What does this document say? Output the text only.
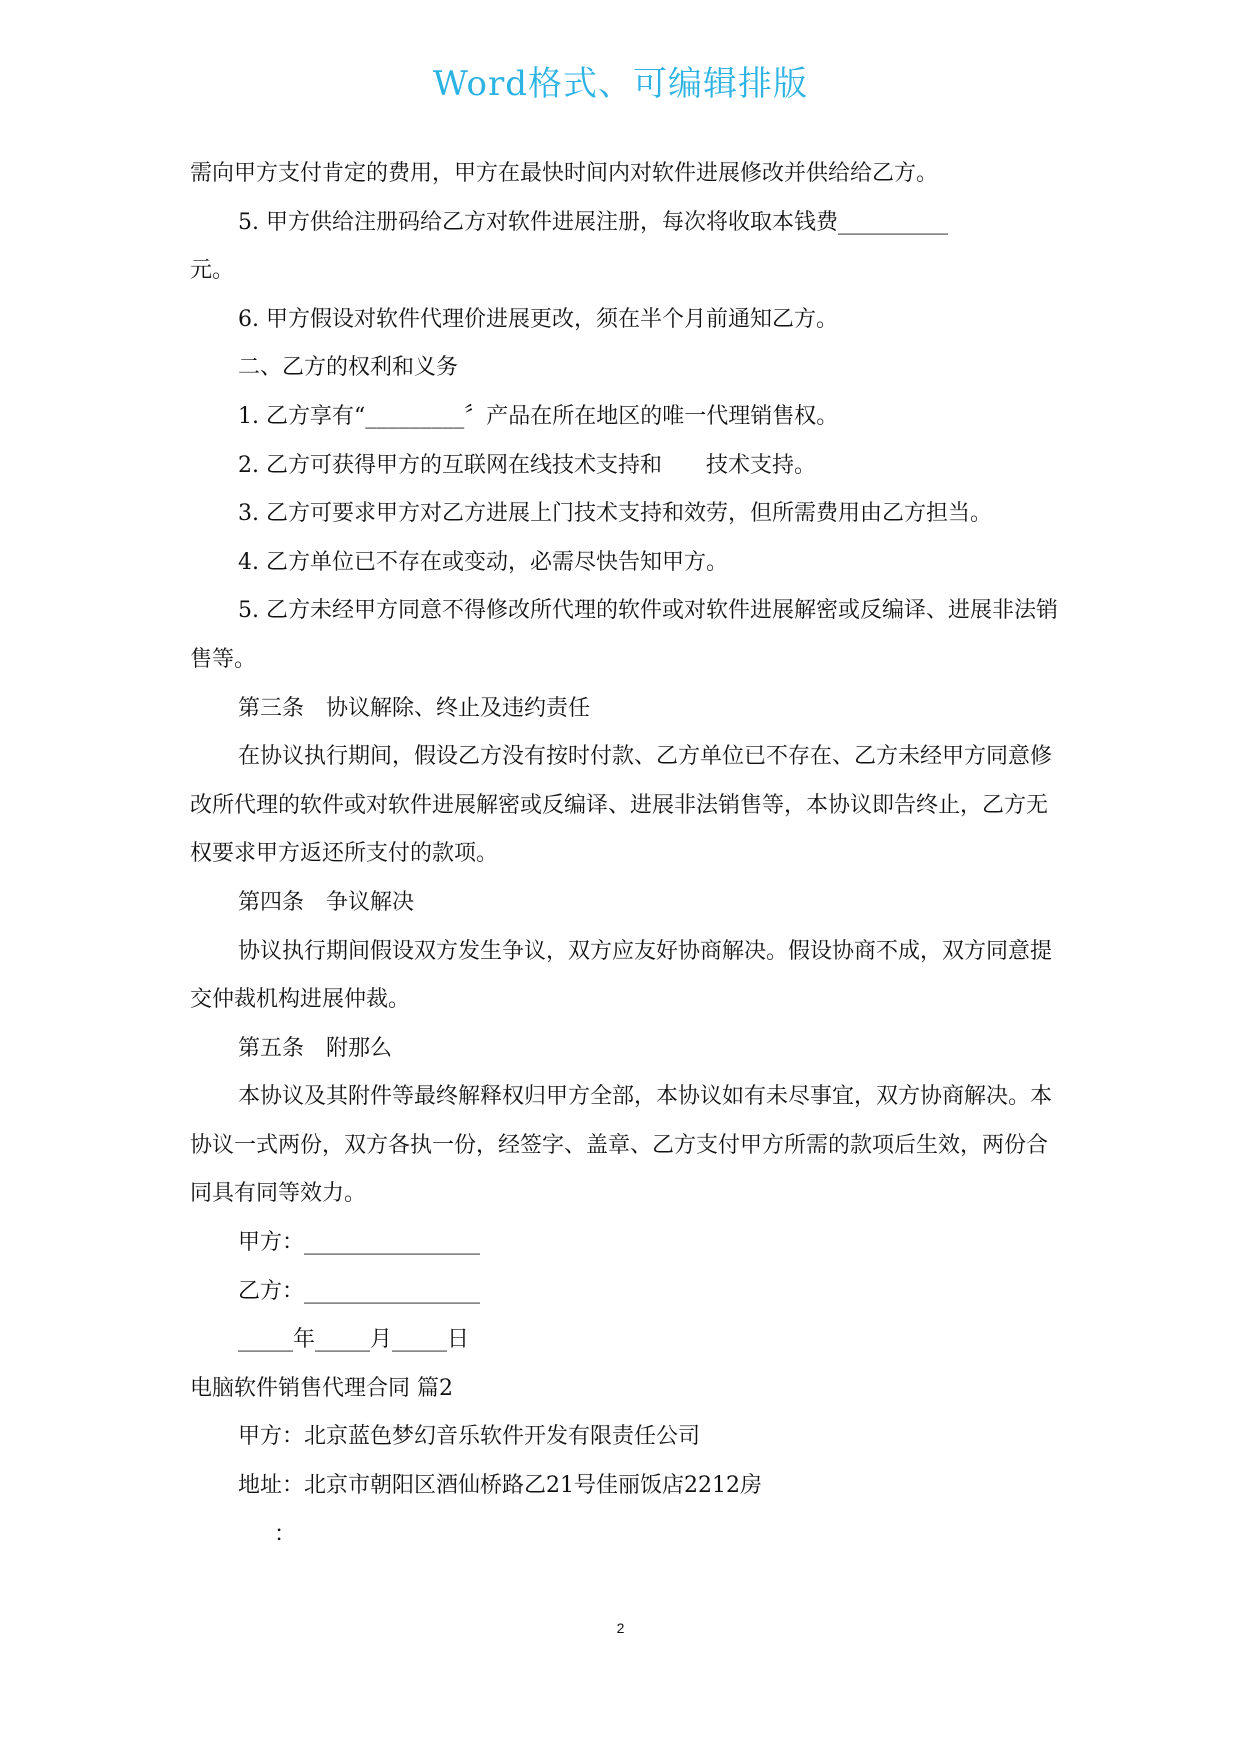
Word格式、可编辑排版

需向甲方支付肯定的费用，甲方在最快时间内对软件进展修改并供给给乙方。

5. 甲方供给注册码给乙方对软件进展注册，每次将收取本钱费__________

元。

6. 甲方假设对软件代理价进展更改，须在半个月前通知乙方。

二、乙方的权利和义务

1. 乙方享有“_________〞产品在所在地区的唯一代理销售权。

2. 乙方可获得甲方的互联网在线技术支持和　　技术支持。

3. 乙方可要求甲方对乙方进展上门技术支持和效劳，但所需费用由乙方担当。

4. 乙方单位已不存在或变动，必需尽快告知甲方。

5. 乙方未经甲方同意不得修改所代理的软件或对软件进展解密或反编译、进展非法销售等。

第三条　协议解除、终止及违约责任

在协议执行期间，假设乙方没有按时付款、乙方单位已不存在、乙方未经甲方同意修改所代理的软件或对软件进展解密或反编译、进展非法销售等，本协议即告终止，乙方无权要求甲方返还所支付的款项。

第四条　争议解决

协议执行期间假设双方发生争议，双方应友好协商解决。假设协商不成，双方同意提交仲裁机构进展仲裁。

第五条　附那么

本协议及其附件等最终解释权归甲方全部，本协议如有未尽事宜，双方协商解决。本协议一式两份，双方各执一份，经签字、盖章、乙方支付甲方所需的款项后生效，两份合同具有同等效力。

甲方：________________

乙方：________________

_____年_____月_____日

电脑软件销售代理合同 篇2

甲方：北京蓝色梦幻音乐软件开发有限责任公司

地址：北京市朝阳区酒仙桥路乙21号佳丽饭店2212房

：

2
